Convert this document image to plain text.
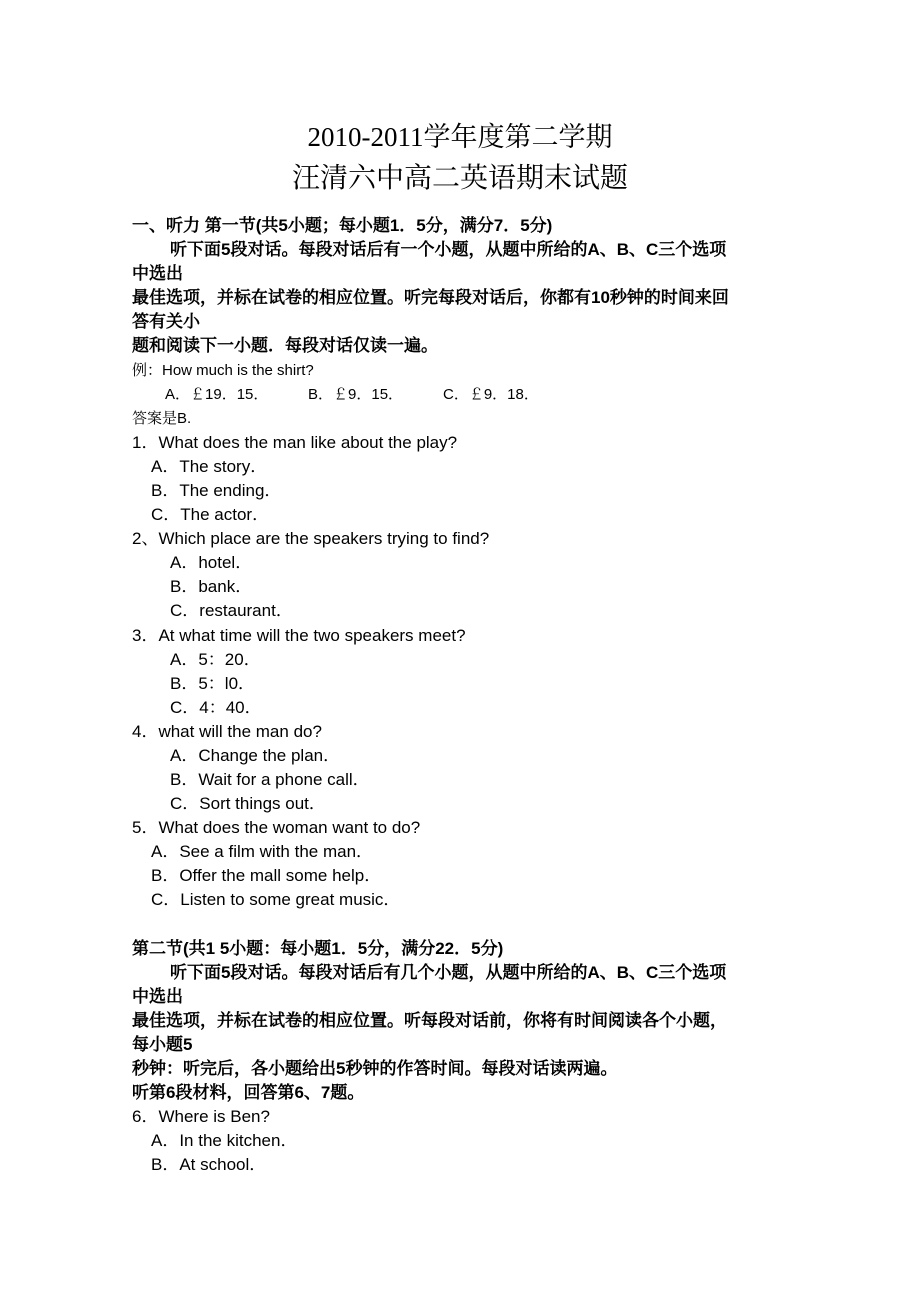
2010-2011学年度第二学期
汪清六中高二英语期末试题
一、听力 第一节(共5小题；每小题1．5分，满分7．5分)
听下面5段对话。每段对话后有一个小题，从题中所给的A、B、C三个选项
中选出
最佳选项，并标在试卷的相应位置。听完每段对话后，你都有10秒钟的时间来回
答有关小
题和阅读下一小题．每段对话仅读一遍。
例：How much is the shirt?
A．￡19．15．	B．￡9．15．	C．￡9．18．
答案是B.
1．What does the man like about the play?
A．The story．
B．The ending．
C．The actor．
2、Which place are the speakers trying to find?
A．hotel．
B．bank．
C．restaurant．
3．At what time will the two speakers meet?
A．5：20．
B．5：l0．
C．4：40．
4．what will the man do?
A．Change the plan．
B．Wait for a phone call．
C．Sort things out．
5．What does the woman want to do?
A．See a film with the man．
B．Offer the mall some help．
C．Listen to some great music．
第二节(共1 5小题：每小题1．5分，满分22．5分)
听下面5段对话。每段对话后有几个小题，从题中所给的A、B、C三个选项
中选出
最佳选项，并标在试卷的相应位置。听每段对话前，你将有时间阅读各个小题，
每小题5
秒钟：听完后，各小题给出5秒钟的作答时间。每段对话读两遍。
听第6段材料，回答第6、7题。
6．Where is Ben?
A．In the kitchen．
B．At school．
